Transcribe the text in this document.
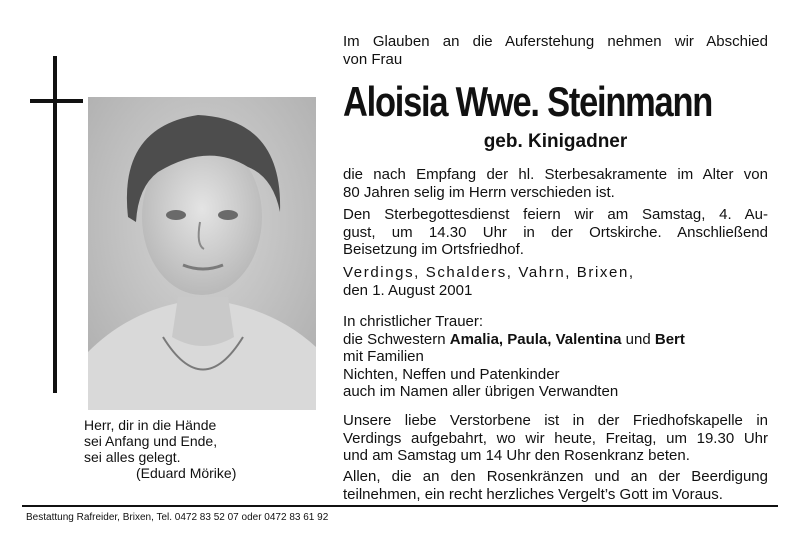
Herr, dir in die Hände
sei Anfang und Ende,
sei alles gelegt.
(Eduard Mörike)
Im Glauben an die Auferstehung nehmen wir Abschied
von Frau
Aloisia Wwe. Steinmann
geb. Kinigadner
die nach Empfang der hl. Sterbesakramente im Alter von
80 Jahren selig im Herrn verschieden ist.
Den Sterbegottesdienst feiern wir am Samstag, 4. Au-
gust, um 14.30 Uhr in der Ortskirche. Anschließend
Beisetzung im Ortsfriedhof.
Verdings, Schalders, Vahrn, Brixen,
den 1. August 2001
In christlicher Trauer:
die Schwestern Amalia, Paula, Valentina und Bert
mit Familien
Nichten, Neffen und Patenkinder
auch im Namen aller übrigen Verwandten
Unsere liebe Verstorbene ist in der Friedhofskapelle in
Verdings aufgebahrt, wo wir heute, Freitag, um 19.30 Uhr
und am Samstag um 14 Uhr den Rosenkranz beten.
Allen, die an den Rosenkränzen und an der Beerdigung
teilnehmen, ein recht herzliches Vergelt’s Gott im Voraus.
Bestattung Rafreider, Brixen, Tel. 0472 83 52 07 oder 0472 83 61 92
